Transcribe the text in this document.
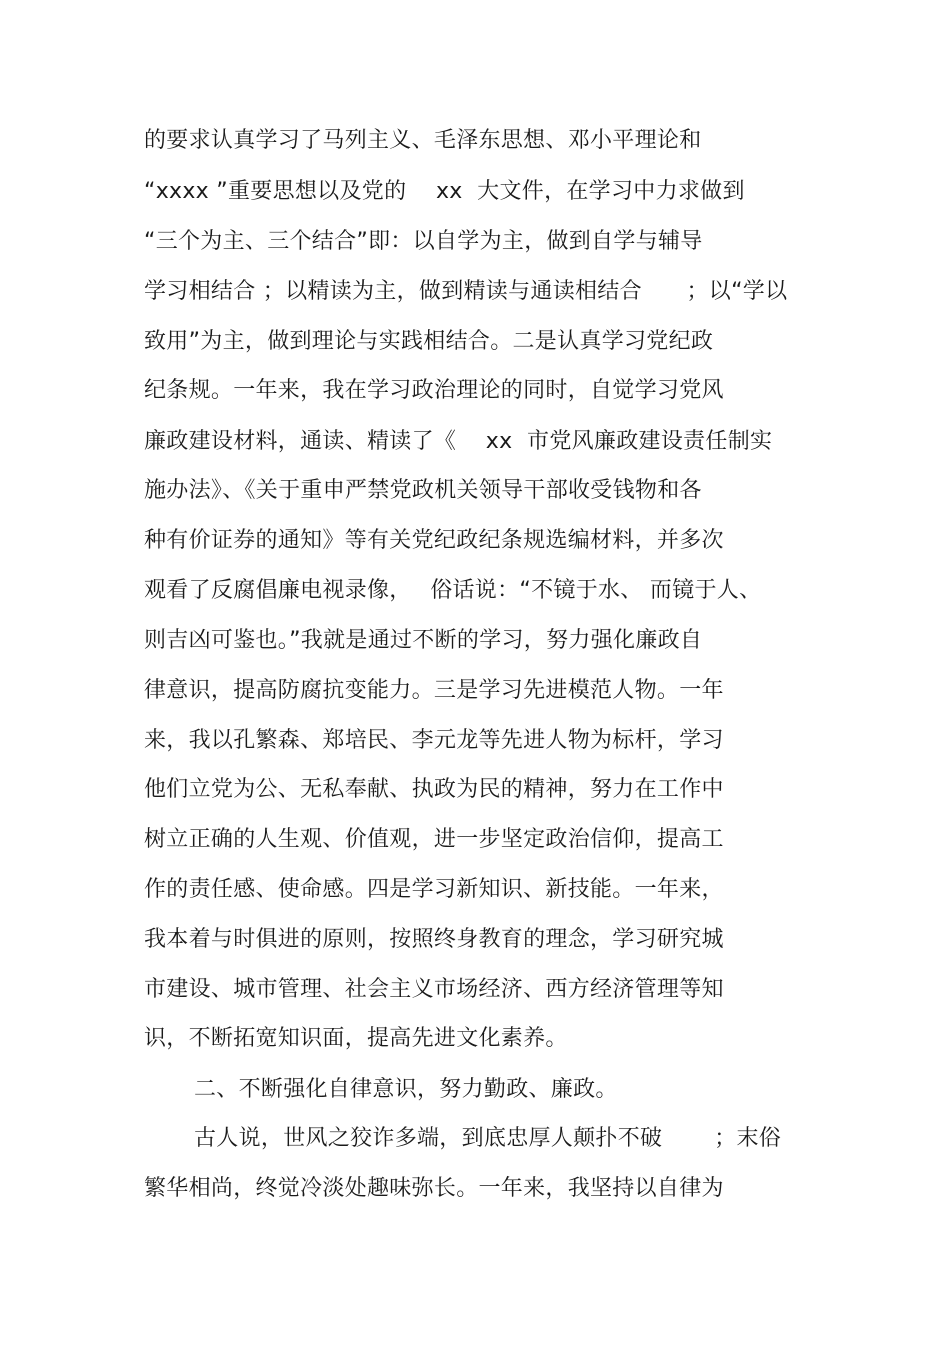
的要求认真学习了马列主义、毛泽东思想、邓小平理论和
“xxxx ”重要思想以及党的　 xx  大文件，在学习中力求做到
“三个为主、三个结合”即：以自学为主，做到自学与辅导
学习相结合 ；以精读为主，做到精读与通读相结合　　；以“学以
致用”为主，做到理论与实践相结合。二是认真学习党纪政
纪条规。一年来，我在学习政治理论的同时，自觉学习党风
廉政建设材料，通读、精读了《　 xx  市党风廉政建设责任制实
施办法》、《关于重申严禁党政机关领导干部收受钱物和各
种有价证券的通知》等有关党纪政纪条规选编材料，并多次
观看了反腐倡廉电视录像，　 俗话说：“不镜于水、 而镜于人、
则吉凶可鉴也。”我就是通过不断的学习，努力强化廉政自
律意识，提高防腐抗变能力。三是学习先进模范人物。一年
来，我以孔繁森、郑培民、李元龙等先进人物为标杆，学习
他们立党为公、无私奉献、执政为民的精神，努力在工作中
树立正确的人生观、价值观，进一步坚定政治信仰，提高工
作的责任感、使命感。四是学习新知识、新技能。一年来，
我本着与时俱进的原则，按照终身教育的理念，学习研究城
市建设、城市管理、社会主义市场经济、西方经济管理等知
识，不断拓宽知识面，提高先进文化素养。
二、不断强化自律意识，努力勤政、廉政。
古人说，世风之狡诈多端，到底忠厚人颠扑不破　　 ；末俗
繁华相尚，终觉冷淡处趣味弥长。一年来，我坚持以自律为
